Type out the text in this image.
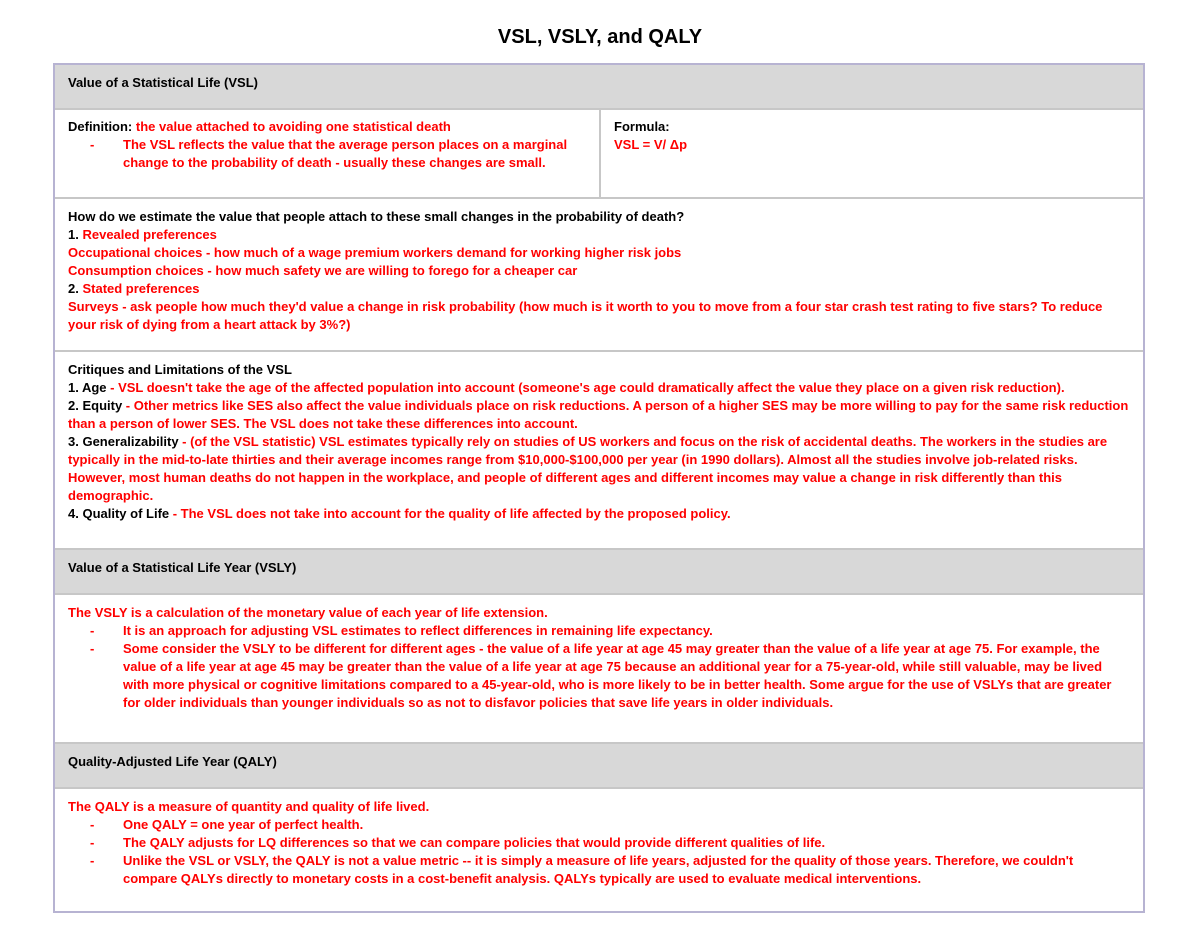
VSL, VSLY, and QALY
Value of a Statistical Life (VSL)
Definition: the value attached to avoiding one statistical death
- The VSL reflects the value that the average person places on a marginal change to the probability of death - usually these changes are small.
Formula:
VSL = V/ Δp
How do we estimate the value that people attach to these small changes in the probability of death?
1. Revealed preferences
Occupational choices - how much of a wage premium workers demand for working higher risk jobs
Consumption choices - how much safety we are willing to forego for a cheaper car
2. Stated preferences
Surveys - ask people how much they'd value a change in risk probability (how much is it worth to you to move from a four star crash test rating to five stars? To reduce your risk of dying from a heart attack by 3%?)
Critiques and Limitations of the VSL
1. Age - VSL doesn't take the age of the affected population into account (someone's age could dramatically affect the value they place on a given risk reduction).
2. Equity - Other metrics like SES also affect the value individuals place on risk reductions. A person of a higher SES may be more willing to pay for the same risk reduction than a person of lower SES. The VSL does not take these differences into account.
3. Generalizability - (of the VSL statistic) VSL estimates typically rely on studies of US workers and focus on the risk of accidental deaths. The workers in the studies are typically in the mid-to-late thirties and their average incomes range from $10,000-$100,000 per year (in 1990 dollars). Almost all the studies involve job-related risks. However, most human deaths do not happen in the workplace, and people of different ages and different incomes may value a change in risk differently than this demographic.
4. Quality of Life - The VSL does not take into account for the quality of life affected by the proposed policy.
Value of a Statistical Life Year (VSLY)
The VSLY is a calculation of the monetary value of each year of life extension.
- It is an approach for adjusting VSL estimates to reflect differences in remaining life expectancy.
- Some consider the VSLY to be different for different ages - the value of a life year at age 45 may greater than the value of a life year at age 75. For example, the value of a life year at age 45 may be greater than the value of a life year at age 75 because an additional year for a 75-year-old, while still valuable, may be lived with more physical or cognitive limitations compared to a 45-year-old, who is more likely to be in better health. Some argue for the use of VSLYs that are greater for older individuals than younger individuals so as not to disfavor policies that save life years in older individuals.
Quality-Adjusted Life Year (QALY)
The QALY is a measure of quantity and quality of life lived.
- One QALY = one year of perfect health.
- The QALY adjusts for LQ differences so that we can compare policies that would provide different qualities of life.
- Unlike the VSL or VSLY, the QALY is not a value metric -- it is simply a measure of life years, adjusted for the quality of those years. Therefore, we couldn't compare QALYs directly to monetary costs in a cost-benefit analysis. QALYs typically are used to evaluate medical interventions.
